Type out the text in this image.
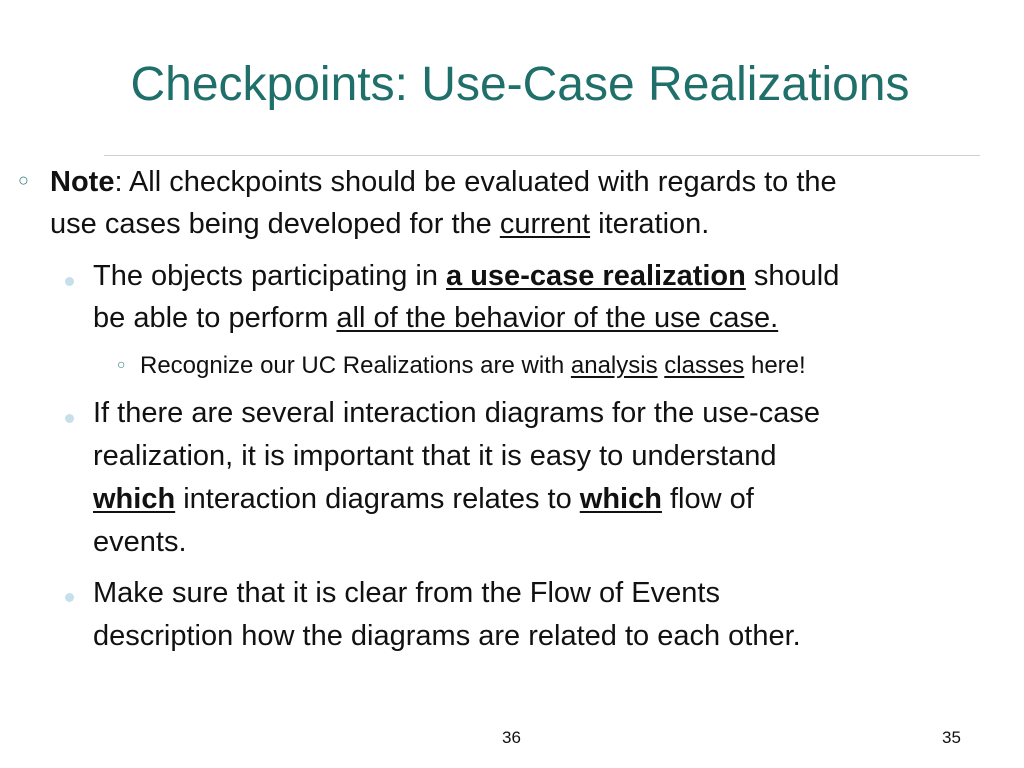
Checkpoints: Use-Case Realizations
○ Note: All checkpoints should be evaluated with regards to the
use cases being developed for the current iteration.
The objects participating in a use-case realization should
be able to perform all of the behavior of the use case.
○ Recognize our UC Realizations are with analysis classes here!
If there are several interaction diagrams for the use-case
realization, it is important that it is easy to understand
which interaction diagrams relates to which flow of
events.
Make sure that it is clear from the Flow of Events
description how the diagrams are related to each other.
36	35
